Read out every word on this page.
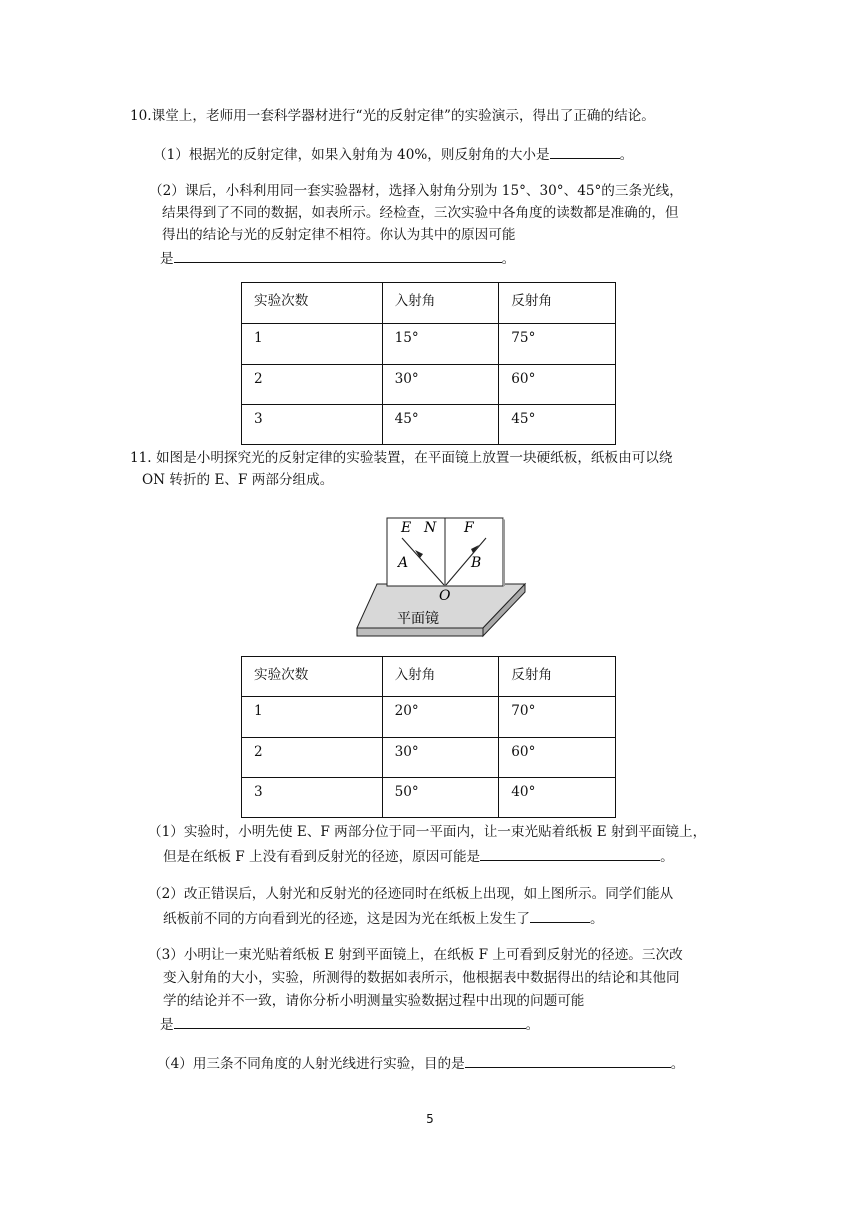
10.课堂上，老师用一套科学器材进行“光的反射定律”的实验演示，得出了正确的结论。
（1）根据光的反射定律，如果入射角为 40%，则反射角的大小是	。
（2）课后，小科利用同一套实验器材，选择入射角分别为 15°、30°、45°的三条光线，
结果得到了不同的数据，如表所示。经检查，三次实验中各角度的读数都是准确的，但
得出的结论与光的反射定律不相符。你认为其中的原因可能
是	。
实验次数	入射角	反射角
1	15°	75°
2	30°	60°
3	45°	45°
11. 如图是小明探究光的反射定律的实验装置，在平面镜上放置一块硬纸板，纸板由可以绕
ON 转折的 E、F 两部分组成。
E N F
A	B
O
平面镜
实验次数	入射角	反射角
1	20°	70°
2	30°	60°
3	50°	40°
（1）实验时，小明先使 E、F 两部分位于同一平面内，让一束光贴着纸板 E 射到平面镜上，
但是在纸板 F 上没有看到反射光的径迹，原因可能是	。
（2）改正错误后，人射光和反射光的径迹同时在纸板上出现，如上图所示。同学们能从
纸板前不同的方向看到光的径迹，这是因为光在纸板上发生了	。
（3）小明让一束光贴着纸板 E 射到平面镜上，在纸板 F 上可看到反射光的径迹。三次改
变入射角的大小，实验，所测得的数据如表所示，他根据表中数据得出的结论和其他同
学的结论并不一致，请你分析小明测量实验数据过程中出现的问题可能
是	。
（4）用三条不同角度的人射光线进行实验，目的是	。
5
